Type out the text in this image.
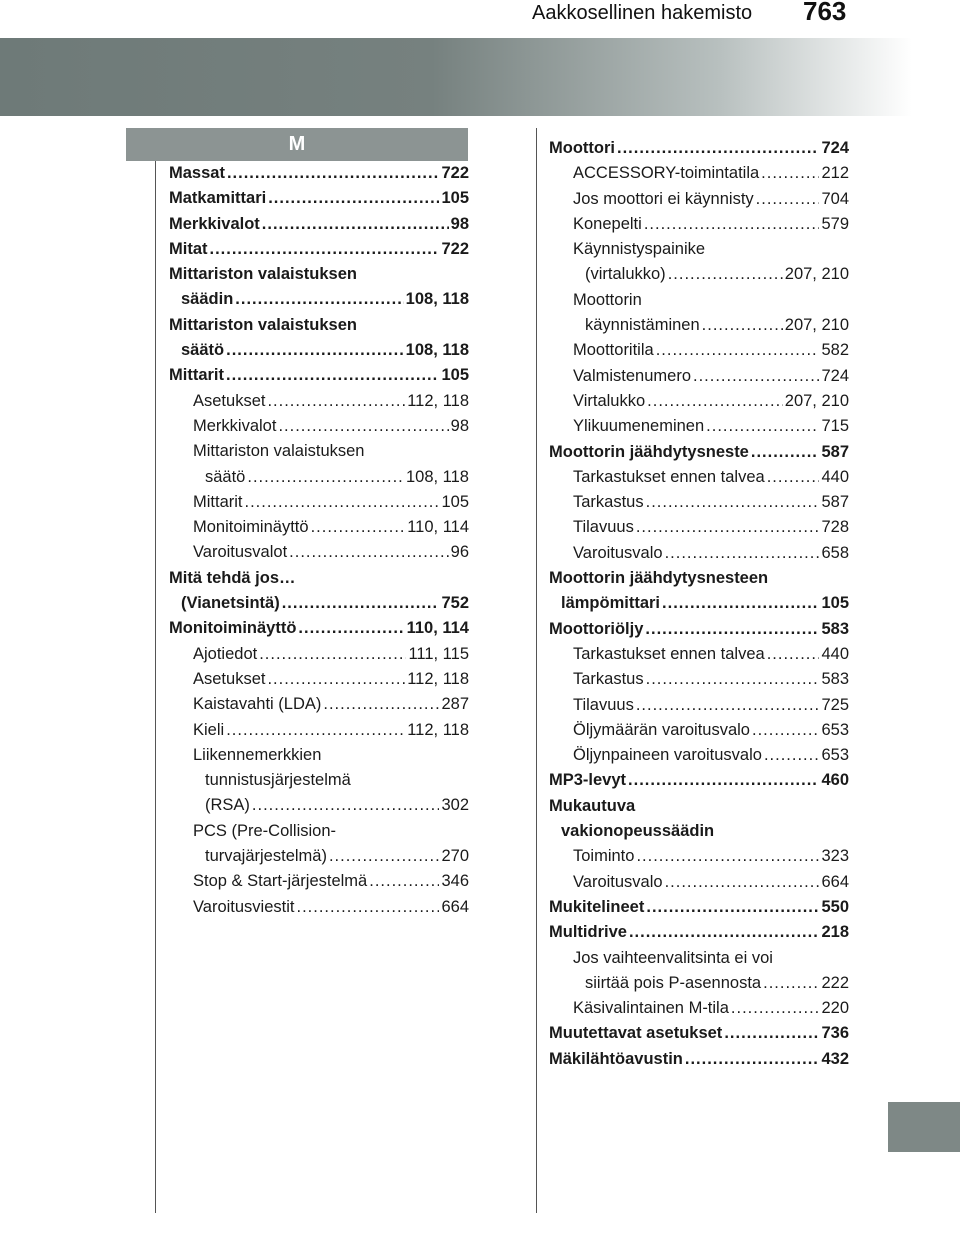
Aakkosellinen hakemisto 763
M
Massat .....	722
Matkamittari .....	105
Merkkivalot .....	98
Mitat .....	722
Mittariston valaistuksen
säädin .....	108, 118
Mittariston valaistuksen
säätö .....	108, 118
Mittarit .....	105
Asetukset .....	112, 118
Merkkivalot .....	98
Mittariston valaistuksen
säätö .....	108, 118
Mittarit .....	105
Monitoiminäyttö .....	110, 114
Varoitusvalot .....	96
Mitä tehdä jos…
(Vianetsintä) .....	752
Monitoiminäyttö .....	110, 114
Ajotiedot .....	111, 115
Asetukset .....	112, 118
Kaistavahti (LDA) .....	287
Kieli .....	112, 118
Liikennemerkkien
tunnistusjärjestelmä
(RSA) .....	302
PCS (Pre-Collision-
turvajärjestelmä) .....	270
Stop & Start-järjestelmä .....	346
Varoitusviestit .....	664
Moottori .....	724
ACCESSORY-toimintatila .....	212
Jos moottori ei käynnisty .....	704
Konepelti .....	579
Käynnistyspainike
(virtalukko) .....	207, 210
Moottorin
käynnistäminen .....	207, 210
Moottoritila .....	582
Valmistenumero .....	724
Virtalukko .....	207, 210
Ylikuumeneminen .....	715
Moottorin jäähdytysneste .....	587
Tarkastukset ennen talvea .....	440
Tarkastus .....	587
Tilavuus .....	728
Varoitusvalo .....	658
Moottorin jäähdytysnesteen
lämpömittari .....	105
Moottoriöljy .....	583
Tarkastukset ennen talvea .....	440
Tarkastus .....	583
Tilavuus .....	725
Öljymäärän varoitusvalo .....	653
Öljynpaineen varoitusvalo .....	653
MP3-levyt .....	460
Mukautuva
vakionopeussäädin
Toiminto .....	323
Varoitusvalo .....	664
Mukitelineet .....	550
Multidrive .....	218
Jos vaihteenvalitsinta ei voi
siirtää pois P-asennosta .....	222
Käsivalintainen M-tila .....	220
Muutettavat asetukset .....	736
Mäkilähtöavustin .....	432
